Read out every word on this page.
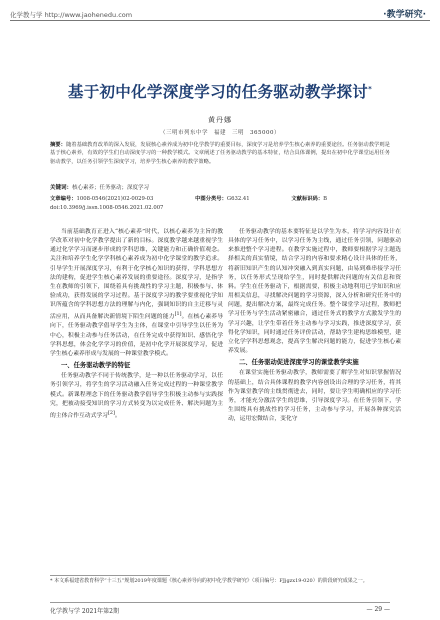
化学教与学 http://www.jaohenedu.com	·教学研究·
基于初中化学深度学习的任务驱动教学探讨*
黄丹娜
（三明市列东中学　福建　三明　365000）
摘要：随着基础教育改革的深入发展，发展核心素养成为初中化学教学的重要目标，深度学习是培养学生核心素养的重要途径。任务驱动教学则是基于核心素养，有效的学生们自动深度学习的一种教学模式。文章阐述了任务驱动教学的基本特征，结合具体课例，提出在初中化学课堂运用任务驱动教学，以任务引领学生深度学习，培养学生核心素养的教学策略。
关键词：核心素养；任务驱动；深度学习
文章编号：1008-0546(2021)02-0029-03	中图分类号：G632.41	文献标识码：B
doi:10.3969/j.issn.1008-0546.2021.02.007

当前基础教育正进入“核心素养”时代，以核心素养为主旨的教学改革对初中化学教学提出了新的目标。深度教学越来越重视学生通过化学学习而逐步形成的学科思维，关键能力和正确价值观念。关注和培养学生化学学科核心素养成为初中化学课堂的教学追求。引导学生开展深度学习，有利于化学核心知识的获得，学科思想方法的建构，促进学生核心素养发展的重要途径。深度学习，是指学生在教师的引领下，围绕着具有挑战性的学习主题，积极参与、体验成功，获得发展的学习过程。基于深度学习的教学要重视化学知识所蕴含的学科思想方法的理解与内化，强调知识的自主迁移与灵活应用，从而具备解决新情境下陌生问题的能力[1]。在核心素养导向下，任务驱动教学倡导学生为主体，在课堂中引导学生以任务为中心，积极主动参与任务活动，在任务完成中获得知识、感悟化学学科思想，体会化学学习的价值，是初中化学开展深度学习，促进学生核心素养形成与发展的一种课堂教学模式。

一、任务驱动教学的特征

任务驱动教学不同于传统教学，是一种以任务驱动学习，以任务引领学习，将学生的学习活动融入任务完成过程的一种课堂教学模式。新课程理念下的任务驱动教学倡导学生积极主动参与实践探究，把被动接受知识的学习方式转变为以完成任务、解决问题为主的主体合作互动式学习[2]。

任务驱动教学的基本要特征是以学生为本，将学习内容设计在具体的学习任务中，以学习任务为主线，通过任务引领，问题驱动来推进整个学习进程。在教学实施过程中，教师要根据学习主题选择相关的真实情境，结合学习的内容和要求精心设计具体的任务，将新旧知识产生的认知冲突融入到真实问题，由易到难串接学习任务，以任务形式呈现给学生，同时提供解决问题的有关信息和资料。学生在任务驱动下，根据需要，积极主动地利用已学知识和应用相关信息，寻找解决问题的学习资源，深入分析和研究任务中的问题，提出解决方案，最终完成任务。整个课堂学习过程，教师把学习任务与学生活动紧密融合，通过任务式的教学方式激发学生的学习兴趣，让学生带着任务主动参与学习实践，推进深度学习，获得化学知识，同时通过任务评价活动，帮助学生建构思维模型，建立化学学科思想观念，提高学生解决问题的能力，促进学生核心素养发展。

二、任务驱动促进深度学习的课堂教学实施

在课堂实施任务驱动教学，教师需要了解学生对知识掌握情况的基础上，结合具体课程的教学内容创设出合理的学习任务，将其作为课堂教学的主线贯彻进去，同时，要让学生明确相应的学习任务，才能充分激活学生的思维，引导深度学习。在任务引领下，学生围绕具有挑战性的学习任务，主动参与学习，开展各种探究活动，运用宏微结合，变化守

* 本文系福建省教育科学“十三五”规划2019年度课题《核心素养导向的初中化学教学研究》（项目编号：FJjgzx19-020）的阶段研究成果之一。
化学教与学 2021年第2期	— 29 —
